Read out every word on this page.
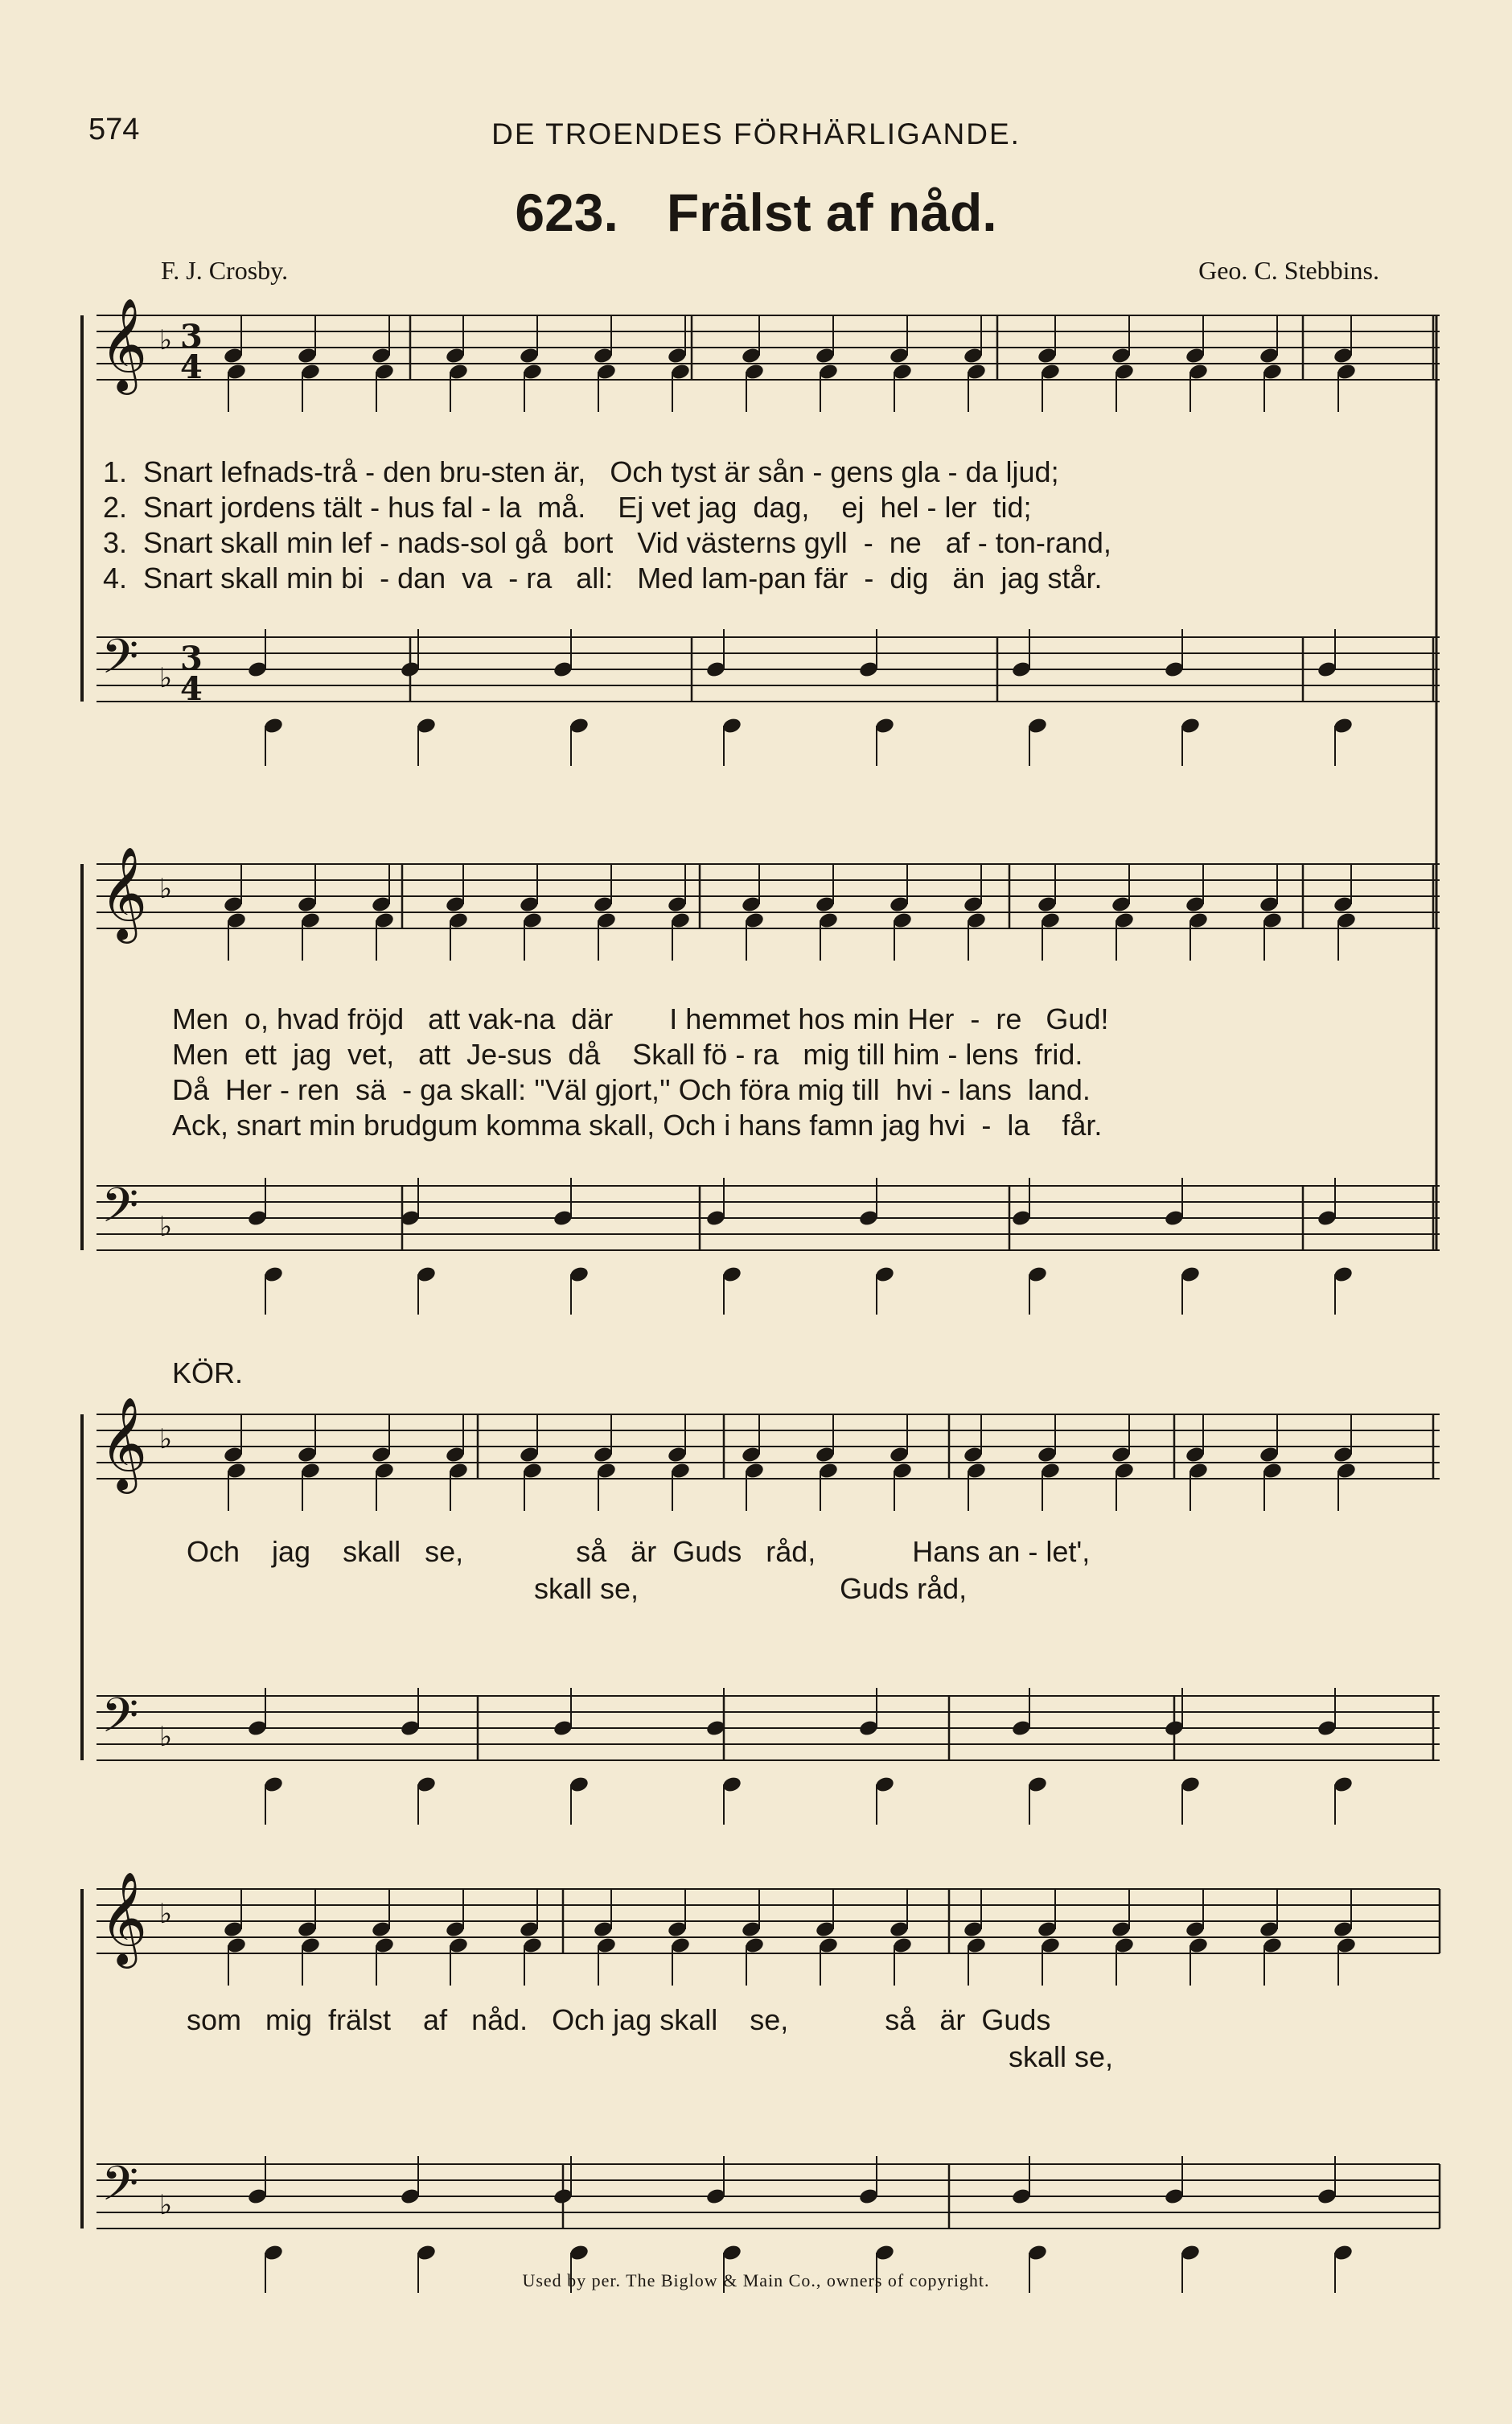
574	DE TROENDES FÖRHÄRLIGANDE.
623. Frälst af nåd.
F. J. Crosby.	Geo. C. Stebbins.
𝄞
𝄢
♭
♭
3
4
3
4
𝄞
𝄢
♭
♭
𝄞
𝄢
♭
♭
𝄞
𝄢
♭
♭
1.  Snart lefnads-trå - den bru-sten är,   Och tyst är sån - gens gla - da ljud;
2.  Snart jordens tält - hus fal - la  må.    Ej vet jag  dag,    ej  hel - ler  tid;
3.  Snart skall min lef - nads-sol gå  bort   Vid västerns gyll  -  ne   af - ton-rand,
4.  Snart skall min bi  - dan  va  - ra   all:   Med lam-pan fär  -  dig   än  jag står.
Men  o, hvad fröjd   att vak-na  där       I hemmet hos min Her  -  re   Gud!
Men  ett  jag  vet,   att  Je-sus  då    Skall fö - ra   mig till him - lens  frid.
Då  Her - ren  sä  - ga skall: ''Väl gjort,'' Och föra mig till  hvi - lans  land.
Ack, snart min brudgum komma skall, Och i hans famn jag hvi  -  la    får.
KÖR.
Och    jag    skall   se,              så   är  Guds   råd,            Hans an - let',
skall se,                         Guds råd,
som   mig  frälst    af   nåd.   Och jag skall    se,            så   är  Guds
skall se,
Used by per. The Biglow & Main Co., owners of copyright.
